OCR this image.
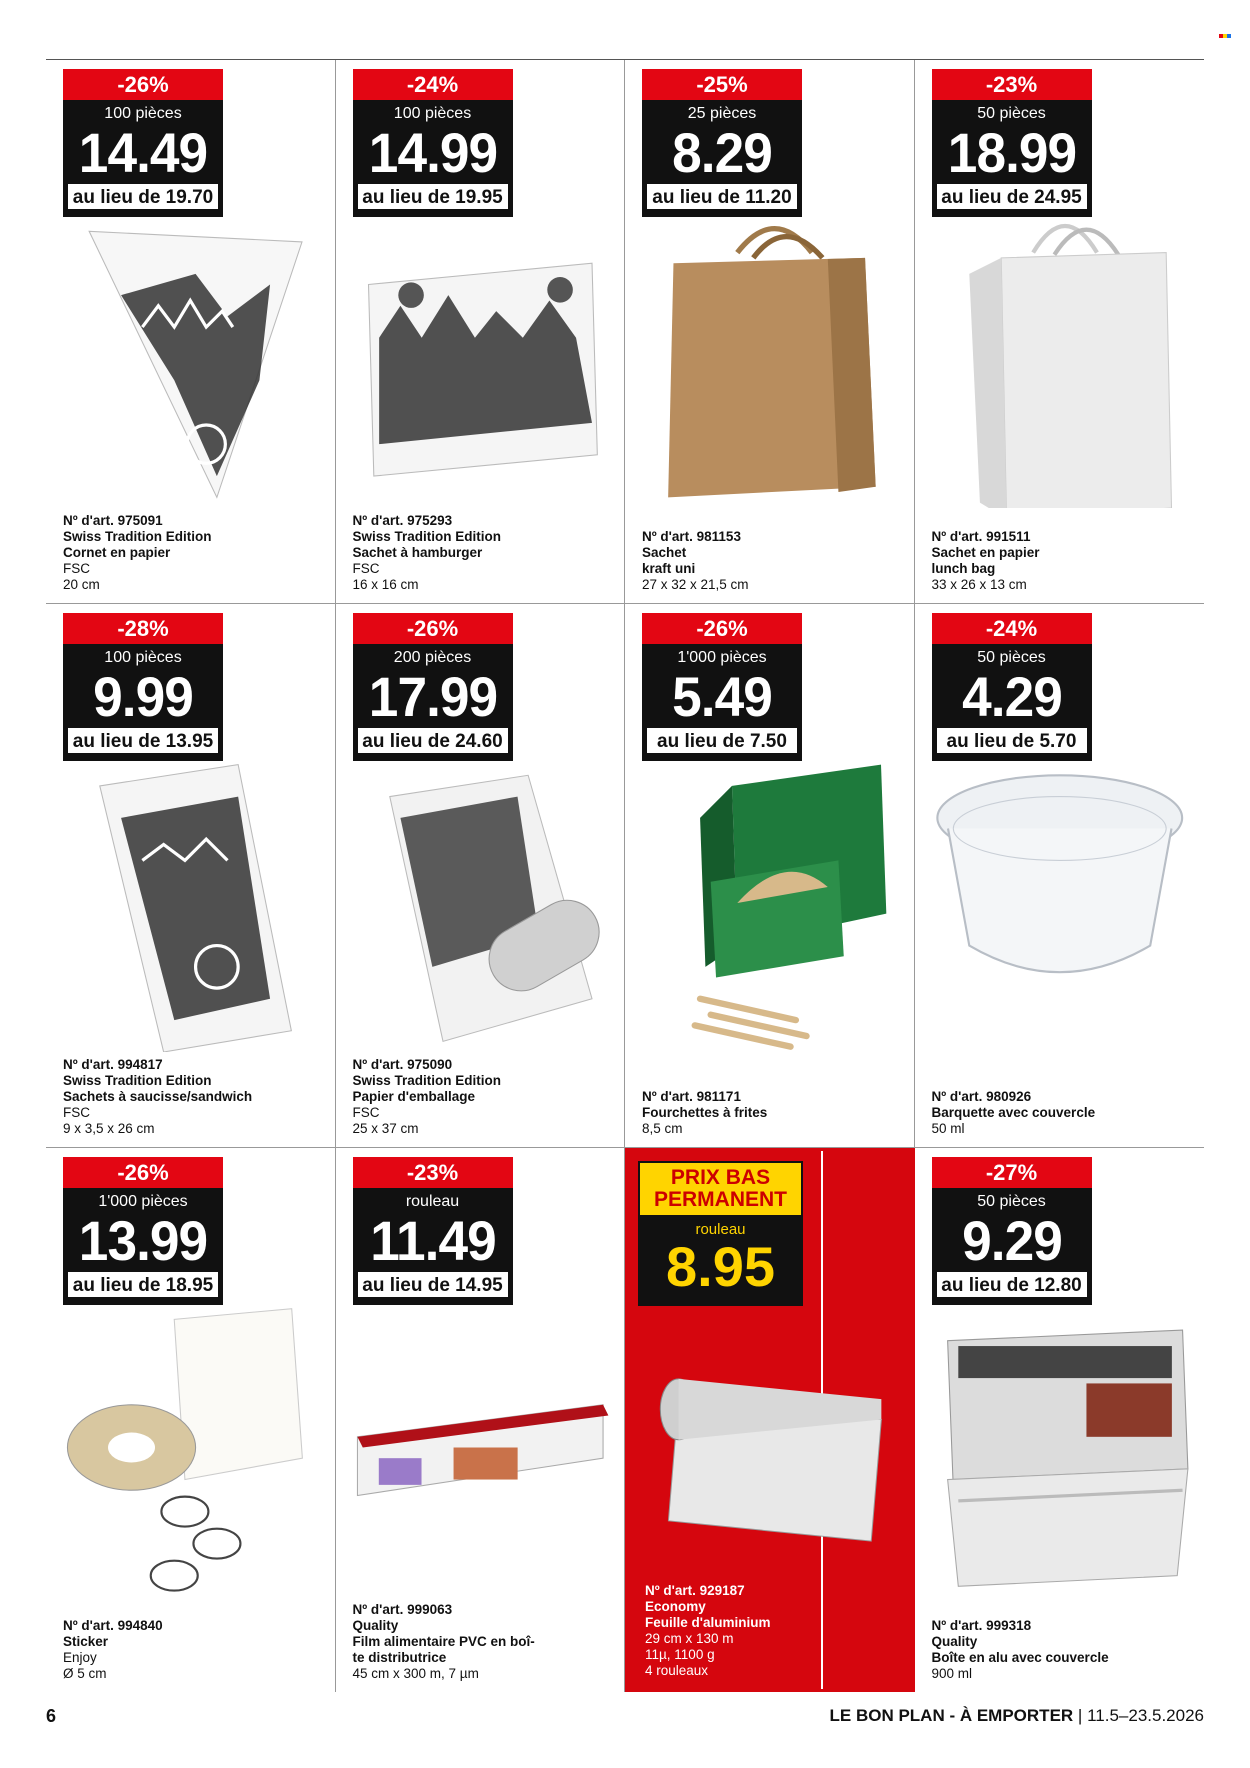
-26%
100 pièces
14.49
au lieu de 19.70
Nº d'art. 975091
Swiss Tradition Edition
Cornet en papier
FSC
20 cm
-24%
100 pièces
14.99
au lieu de 19.95
Nº d'art. 975293
Swiss Tradition Edition
Sachet à hamburger
FSC
16 x 16 cm
-25%
25 pièces
8.29
au lieu de 11.20
Nº d'art. 981153
Sachet
kraft uni
27 x 32 x 21,5 cm
-23%
50 pièces
18.99
au lieu de 24.95
Nº d'art. 991511
Sachet en papier
lunch bag
33 x 26 x 13 cm
-28%
100 pièces
9.99
au lieu de 13.95
Nº d'art. 994817
Swiss Tradition Edition
Sachets à saucisse/sandwich
FSC
9 x 3,5 x 26 cm
-26%
200 pièces
17.99
au lieu de 24.60
Nº d'art. 975090
Swiss Tradition Edition
Papier d'emballage
FSC
25 x 37 cm
-26%
1'000 pièces
5.49
au lieu de 7.50
Nº d'art. 981171
Fourchettes à frites
8,5 cm
-24%
50 pièces
4.29
au lieu de 5.70
Nº d'art. 980926
Barquette avec couvercle
50 ml
-26%
1'000 pièces
13.99
au lieu de 18.95
Nº d'art. 994840
Sticker
Enjoy
Ø 5 cm
-23%
rouleau
11.49
au lieu de 14.95
Nº d'art. 999063
Quality
Film alimentaire PVC en boî-
te distributrice
45 cm x 300 m, 7 µm
PRIX BAS PERMANENT
rouleau
8.95
Nº d'art. 929187
Economy
Feuille d'aluminium
29 cm x 130 m
11µ, 1100 g
4 rouleaux
-27%
50 pièces
9.29
au lieu de 12.80
Nº d'art. 999318
Quality
Boîte en alu avec couvercle
900 ml
6	LE BON PLAN - À EMPORTER | 11.5–23.5.2026
